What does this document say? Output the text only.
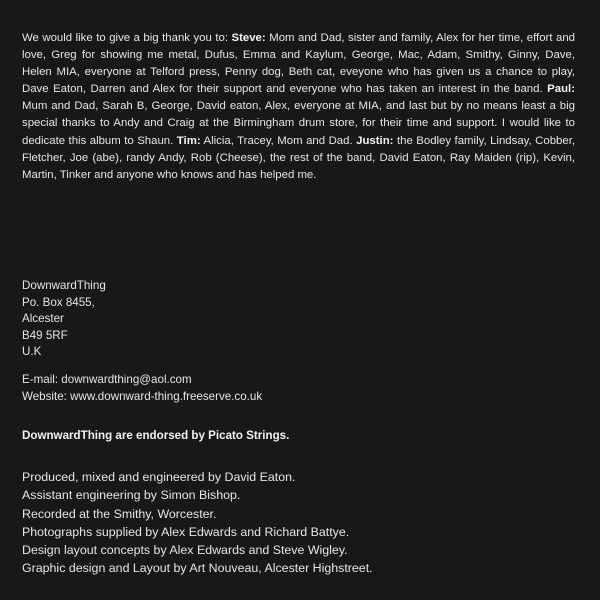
We would like to give a big thank you to: Steve: Mom and Dad, sister and family, Alex for her time, effort and love, Greg for showing me metal, Dufus, Emma and Kaylum, George, Mac, Adam, Smithy, Ginny, Dave, Helen MIA, everyone at Telford press, Penny dog, Beth cat, eveyone who has given us a chance to play, Dave Eaton, Darren and Alex for their support and everyone who has taken an interest in the band. Paul: Mum and Dad, Sarah B, George, David eaton, Alex, everyone at MIA, and last but by no means least a big special thanks to Andy and Craig at the Birmingham drum store, for their time and support. I would like to dedicate this album to Shaun. Tim: Alicia, Tracey, Mom and Dad. Justin: the Bodley family, Lindsay, Cobber, Fletcher, Joe (abe), randy Andy, Rob (Cheese), the rest of the band, David Eaton, Ray Maiden (rip), Kevin, Martin, Tinker and anyone who knows and has helped me.

DownwardThing
Po. Box 8455,
Alcester
B49 5RF
U.K
E-mail: downwardthing@aol.com
Website: www.downward-thing.freeserve.co.uk
DownwardThing are endorsed by Picato Strings.
Produced, mixed and engineered by David Eaton.
Assistant engineering by Simon Bishop.
Recorded at the Smithy, Worcester.
Photographs supplied by Alex Edwards and Richard Battye.
Design layout concepts by Alex Edwards and Steve Wigley.
Graphic design and Layout by Art Nouveau, Alcester Highstreet.
